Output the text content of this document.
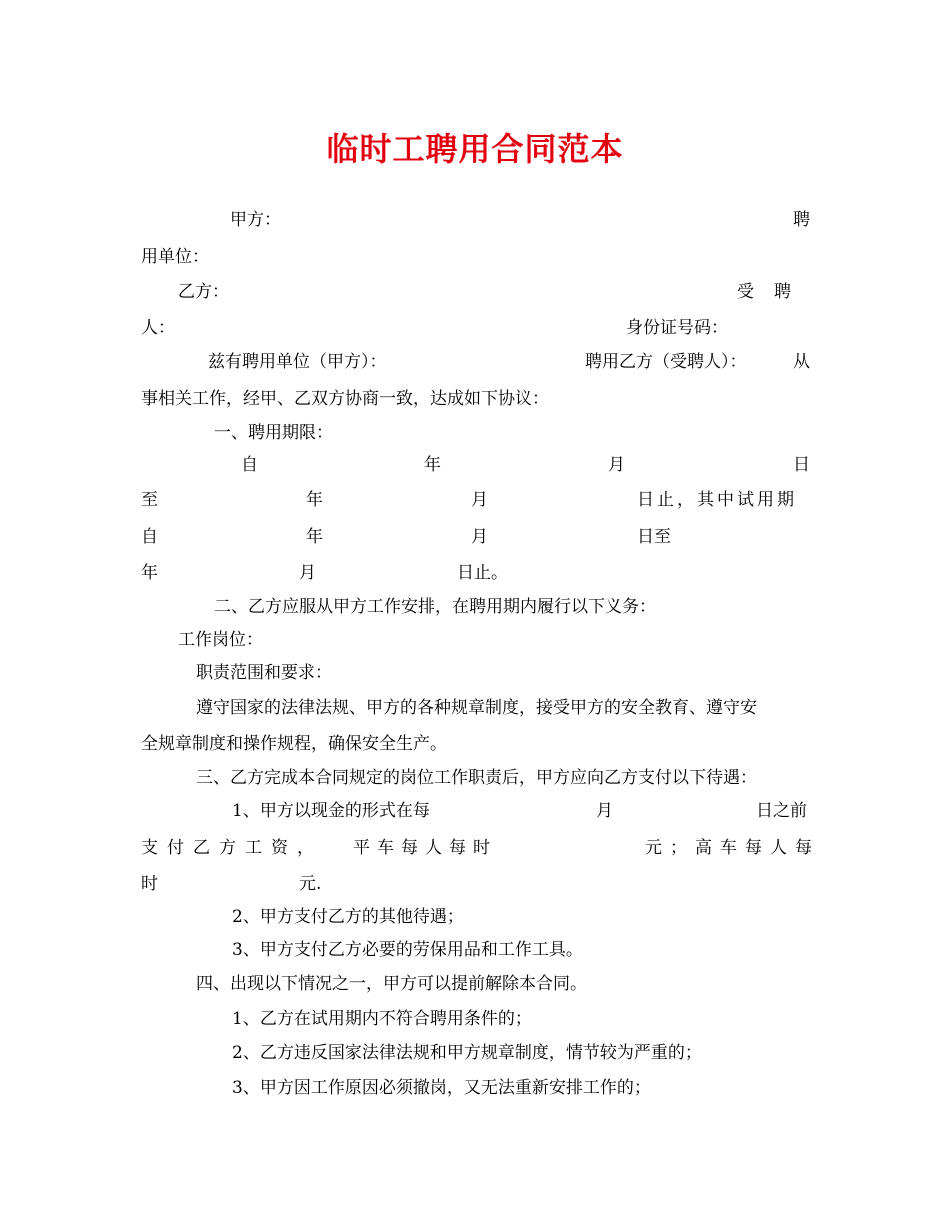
临时工聘用合同范本
甲方：	聘
用单位：
乙方：	受 聘
人：	身份证号码：
兹有聘用单位（甲方）：	聘用乙方（受聘人）：	从
事相关工作，经甲、乙双方协商一致，达成如下协议：
一、聘用期限：
自	年	月	日
至	年	月	日止，其中试用期
自	年	月	日至
年	月	日止。
二、乙方应服从甲方工作安排，在聘用期内履行以下义务：
工作岗位：
职责范围和要求：
遵守国家的法律法规、甲方的各种规章制度，接受甲方的安全教育、遵守安
全规章制度和操作规程，确保安全生产。
三、乙方完成本合同规定的岗位工作职责后，甲方应向乙方支付以下待遇：
1、甲方以现金的形式在每	月	日之前
支付乙方工资， 平车每人每时	元；高车每人每
时	元.
2、甲方支付乙方的其他待遇；
3、甲方支付乙方必要的劳保用品和工作工具。
四、出现以下情况之一，甲方可以提前解除本合同。
1、乙方在试用期内不符合聘用条件的；
2、乙方违反国家法律法规和甲方规章制度，情节较为严重的；
3、甲方因工作原因必须撤岗，又无法重新安排工作的；
